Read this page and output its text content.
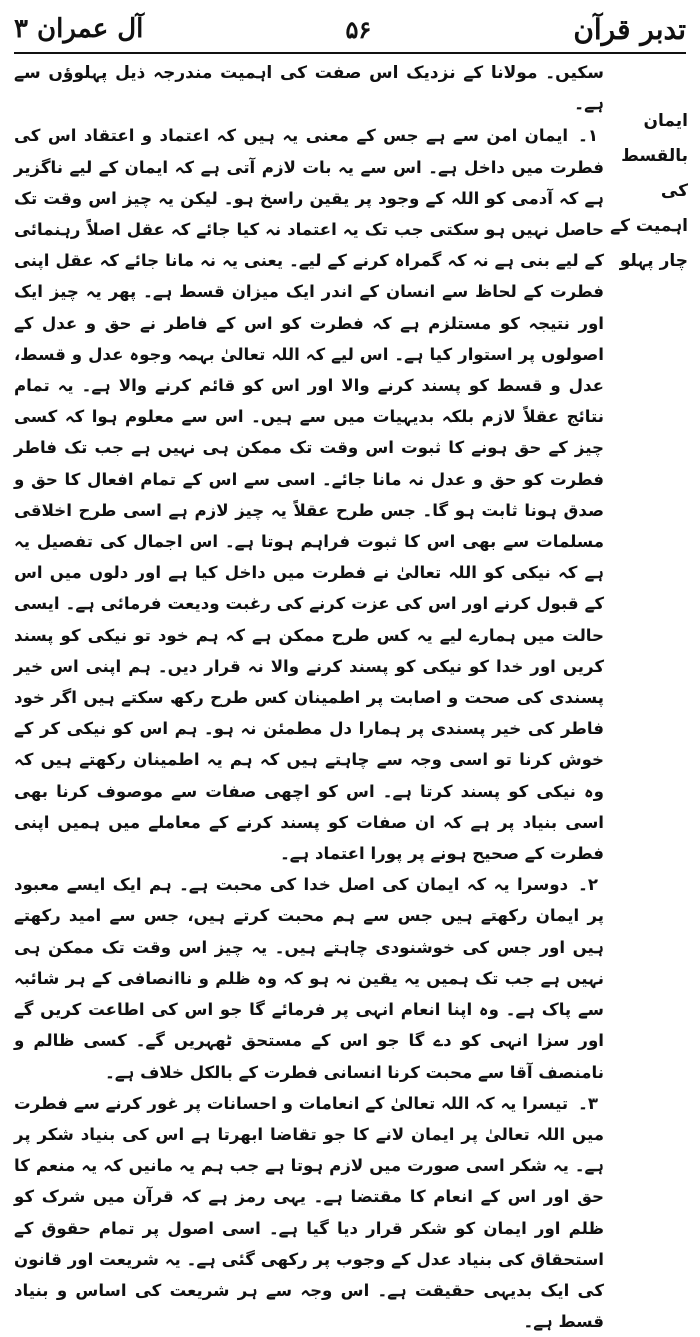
آل عمران ۳	۵۶	تدبر قرآن
ایمان بالقسط کی اہمیت کے چار پہلو

سکیں۔ مولانا کے نزدیک اس صفت کی اہمیت مندرجہ ذیل پہلوؤں سے ہے۔

۱۔ایمان امن سے ہے جس کے معنی یہ ہیں کہ اعتماد و اعتقاد اس کی فطرت میں داخل ہے۔ اس سے یہ بات لازم آتی ہے کہ ایمان کے لیے ناگزیر ہے کہ آدمی کو اللہ کے وجود پر یقین راسخ ہو۔ لیکن یہ چیز اس وقت تک حاصل نہیں ہو سکتی جب تک یہ اعتماد نہ کیا جائے کہ عقل اصلاً رہنمائی کے لیے بنی ہے نہ کہ گمراہ کرنے کے لیے۔ یعنی یہ نہ مانا جائے کہ عقل اپنی فطرت کے لحاظ سے انسان کے اندر ایک میزان قسط ہے۔ پھر یہ چیز ایک اور نتیجہ کو مستلزم ہے کہ فطرت کو اس کے فاطر نے حق و عدل کے اصولوں پر استوار کیا ہے۔ اس لیے کہ اللہ تعالیٰ بہمہ وجوہ عدل و قسط، عدل و قسط کو پسند کرنے والا اور اس کو قائم کرنے والا ہے۔ یہ تمام نتائج عقلاً لازم بلکہ بدیہیات میں سے ہیں۔ اس سے معلوم ہوا کہ کسی چیز کے حق ہونے کا ثبوت اس وقت تک ممکن ہی نہیں ہے جب تک فاطر فطرت کو حق و عدل نہ مانا جائے۔ اسی سے اس کے تمام افعال کا حق و صدق ہونا ثابت ہو گا۔ جس طرح عقلاً یہ چیز لازم ہے اسی طرح اخلاقی مسلمات سے بھی اس کا ثبوت فراہم ہوتا ہے۔ اس اجمال کی تفصیل یہ ہے کہ نیکی کو اللہ تعالیٰ نے فطرت میں داخل کیا ہے اور دلوں میں اس کے قبول کرنے اور اس کی عزت کرنے کی رغبت ودیعت فرمائی ہے۔ ایسی حالت میں ہمارے لیے یہ کس طرح ممکن ہے کہ ہم خود تو نیکی کو پسند کریں اور خدا کو نیکی کو پسند کرنے والا نہ قرار دیں۔ ہم اپنی اس خیر پسندی کی صحت و اصابت پر اطمینان کس طرح رکھ سکتے ہیں اگر خود فاطر کی خیر پسندی پر ہمارا دل مطمئن نہ ہو۔ ہم اس کو نیکی کر کے خوش کرنا تو اسی وجہ سے چاہتے ہیں کہ ہم یہ اطمینان رکھتے ہیں کہ وہ نیکی کو پسند کرتا ہے۔ اس کو اچھی صفات سے موصوف کرنا بھی اسی بنیاد پر ہے کہ ان صفات کو پسند کرنے کے معاملے میں ہمیں اپنی فطرت کے صحیح ہونے پر پورا اعتماد ہے۔

۲۔دوسرا یہ کہ ایمان کی اصل خدا کی محبت ہے۔ ہم ایک ایسے معبود پر ایمان رکھتے ہیں جس سے ہم محبت کرتے ہیں، جس سے امید رکھتے ہیں اور جس کی خوشنودی چاہتے ہیں۔ یہ چیز اس وقت تک ممکن ہی نہیں ہے جب تک ہمیں یہ یقین نہ ہو کہ وہ ظلم و ناانصافی کے ہر شائبہ سے پاک ہے۔ وہ اپنا انعام انہی پر فرمائے گا جو اس کی اطاعت کریں گے اور سزا انہی کو دے گا جو اس کے مستحق ٹھہریں گے۔ کسی ظالم و نامنصف آقا سے محبت کرنا انسانی فطرت کے بالکل خلاف ہے۔

۳۔تیسرا یہ کہ اللہ تعالیٰ کے انعامات و احسانات پر غور کرنے سے فطرت میں اللہ تعالیٰ پر ایمان لانے کا جو تقاضا ابھرتا ہے اس کی بنیاد شکر پر ہے۔ یہ شکر اسی صورت میں لازم ہوتا ہے جب ہم یہ مانیں کہ یہ منعم کا حق اور اس کے انعام کا مقتضا ہے۔ یہی رمز ہے کہ قرآن میں شرک کو ظلم اور ایمان کو شکر قرار دیا گیا ہے۔ اسی اصول پر تمام حقوق کے استحقاق کی بنیاد عدل کے وجوب پر رکھی گئی ہے۔ یہ شریعت اور قانون کی ایک بدیہی حقیقت ہے۔ اس وجہ سے ہر شریعت کی اساس و بنیاد قسط ہے۔
